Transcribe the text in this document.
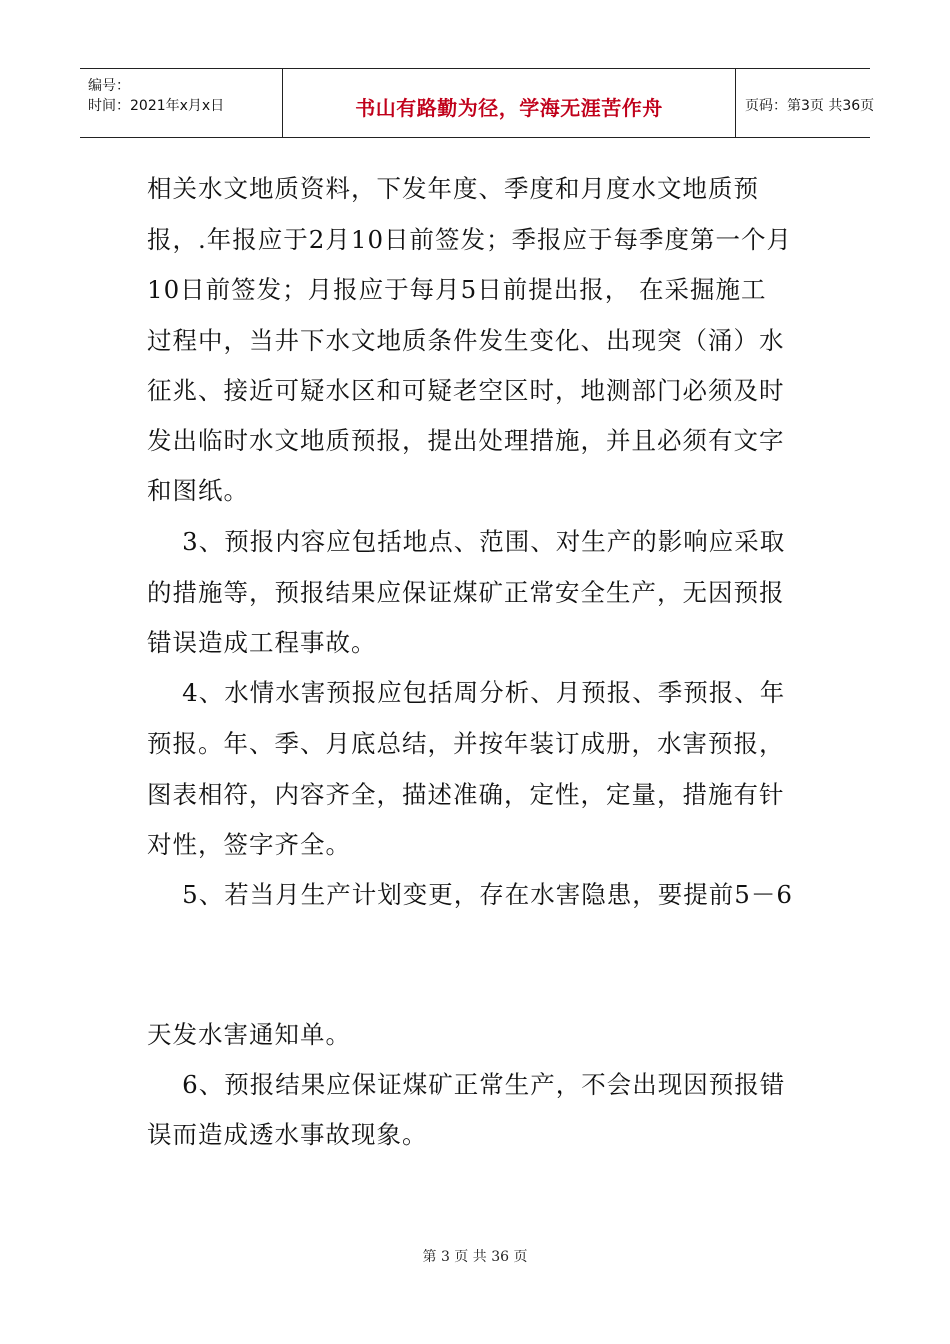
编号：
时间：2021年x月x日	书山有路勤为径，学海无涯苦作舟	页码：第3页 共36页
相关水文地质资料，下发年度、季度和月度水文地质预
报，.年报应于2月10日前签发；季报应于每季度第一个月
10日前签发；月报应于每月5日前提出报， 在采掘施工
过程中，当井下水文地质条件发生变化、出现突（涌）水
征兆、接近可疑水区和可疑老空区时，地测部门必须及时
发出临时水文地质预报，提出处理措施，并且必须有文字
和图纸。
3、预报内容应包括地点、范围、对生产的影响应采取
的措施等，预报结果应保证煤矿正常安全生产，无因预报
错误造成工程事故。
4、水情水害预报应包括周分析、月预报、季预报、年
预报。年、季、月底总结，并按年装订成册，水害预报，
图表相符，内容齐全，描述准确，定性，定量，措施有针
对性，签字齐全。
5、若当月生产计划变更，存在水害隐患，要提前5－6
天发水害通知单。
6、预报结果应保证煤矿正常生产，不会出现因预报错
误而造成透水事故现象。
第 3 页 共 36 页
